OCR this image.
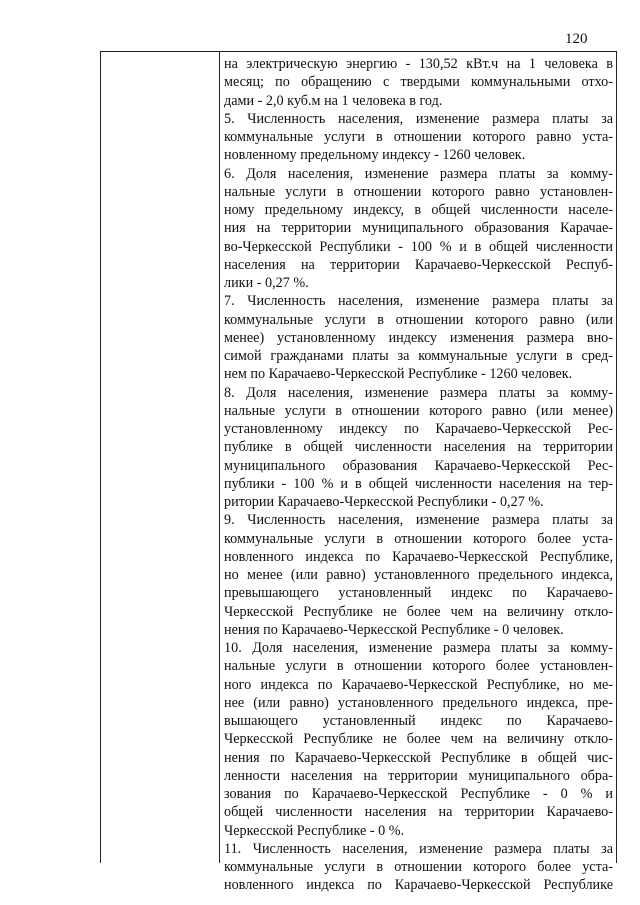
120
на электрическую энергию - 130,52 кВт.ч на 1 человека в
месяц; по обращению с твердыми коммунальными отхо-
дами - 2,0 куб.м на 1 человека в год.
5. Численность населения, изменение размера платы за
коммунальные услуги в отношении которого равно уста-
новленному предельному индексу - 1260 человек.
6. Доля населения, изменение размера платы за комму-
нальные услуги в отношении которого равно установлен-
ному предельному индексу, в общей численности населе-
ния на территории муниципального образования Карачае-
во-Черкесской Республики - 100 % и в общей численности
населения на территории Карачаево-Черкесской Респуб-
лики - 0,27 %.
7. Численность населения, изменение размера платы за
коммунальные услуги в отношении которого равно (или
менее) установленному индексу изменения размера вно-
симой гражданами платы за коммунальные услуги в сред-
нем по Карачаево-Черкесской Республике - 1260 человек.
8. Доля населения, изменение размера платы за комму-
нальные услуги в отношении которого равно (или менее)
установленному индексу по Карачаево-Черкесской Рес-
публике в общей численности населения на территории
муниципального образования Карачаево-Черкесской Рес-
публики - 100 % и в общей численности населения на тер-
ритории Карачаево-Черкесской Республики - 0,27 %.
9. Численность населения, изменение размера платы за
коммунальные услуги в отношении которого более уста-
новленного индекса по Карачаево-Черкесской Республике,
но менее (или равно) установленного предельного индекса,
превышающего установленный индекс по Карачаево-
Черкесской Республике не более чем на величину откло-
нения по Карачаево-Черкесской Республике - 0 человек.
10. Доля населения, изменение размера платы за комму-
нальные услуги в отношении которого более установлен-
ного индекса по Карачаево-Черкесской Республике, но ме-
нее (или равно) установленного предельного индекса, пре-
вышающего установленный индекс по Карачаево-
Черкесской Республике не более чем на величину откло-
нения по Карачаево-Черкесской Республике в общей чис-
ленности населения на территории муниципального обра-
зования по Карачаево-Черкесской Республике - 0 % и
общей численности населения на территории Карачаево-
Черкесской Республике - 0 %.
11. Численность населения, изменение размера платы за
коммунальные услуги в отношении которого более уста-
новленного индекса по Карачаево-Черкесской Республике
